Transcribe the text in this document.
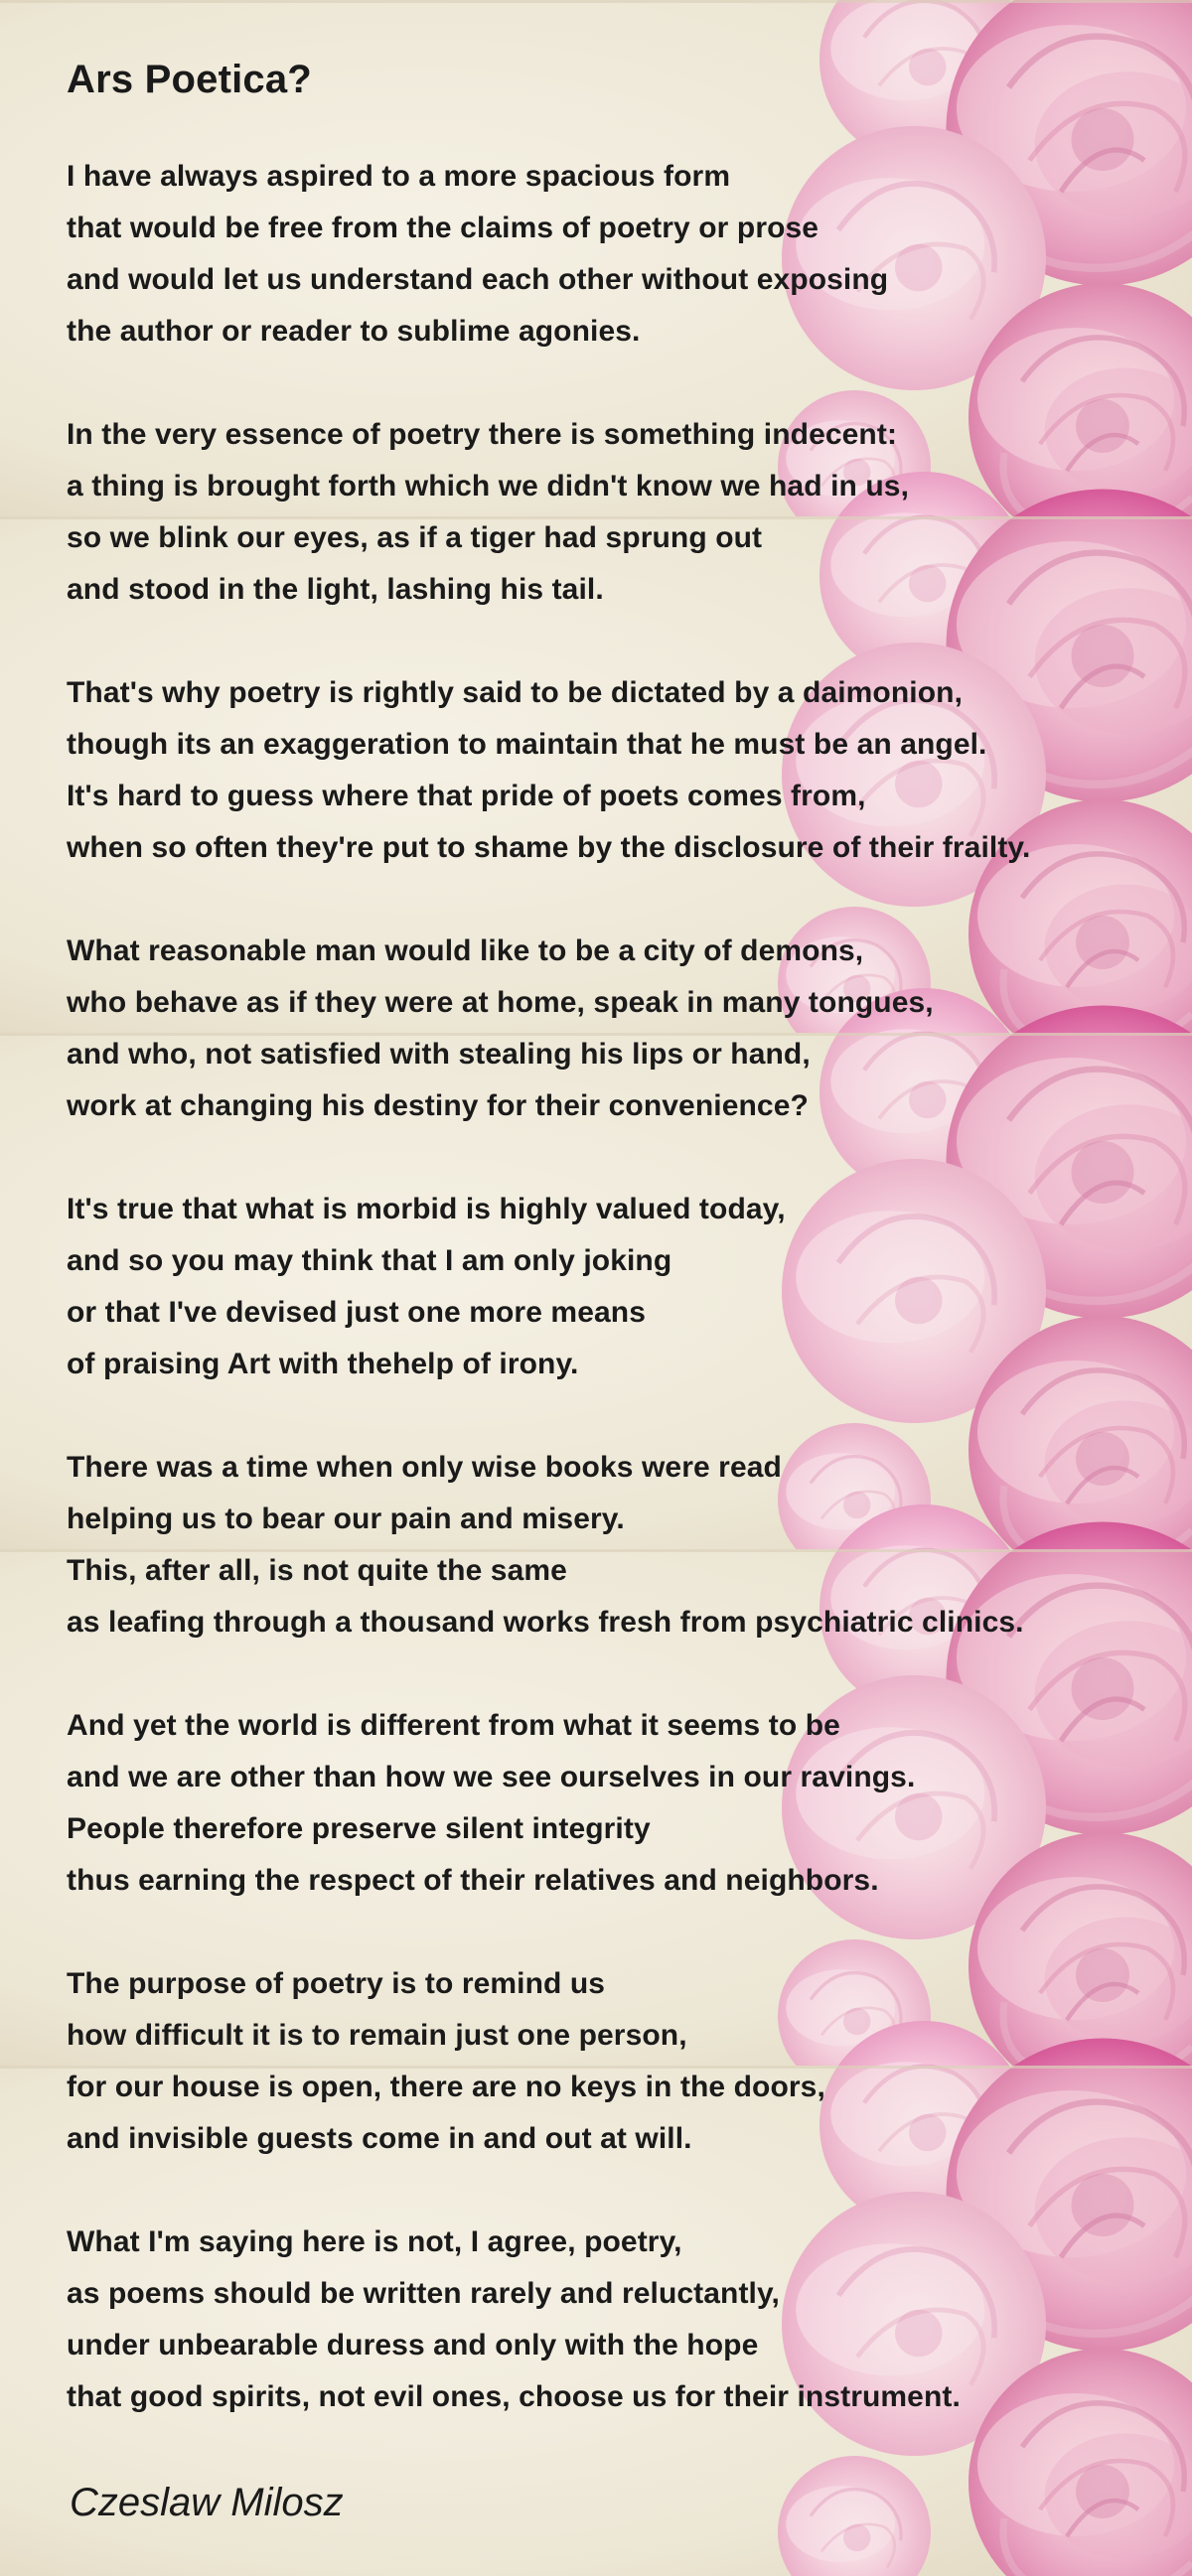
Ars Poetica?
I have always aspired to a more spacious form
that would be free from the claims of poetry or prose
and would let us understand each other without exposing
the author or reader to sublime agonies.
In the very essence of poetry there is something indecent:
a thing is brought forth which we didn't know we had in us,
so we blink our eyes, as if a tiger had sprung out
and stood in the light, lashing his tail.
That's why poetry is rightly said to be dictated by a daimonion,
though its an exaggeration to maintain that he must be an angel.
It's hard to guess where that pride of poets comes from,
when so often they're put to shame by the disclosure of their frailty.
What reasonable man would like to be a city of demons,
who behave as if they were at home, speak in many tongues,
and who, not satisfied with stealing his lips or hand,
work at changing his destiny for their convenience?
It's true that what is morbid is highly valued today,
and so you may think that I am only joking
or that I've devised just one more means
of praising Art with thehelp of irony.
There was a time when only wise books were read
helping us to bear our pain and misery.
This, after all, is not quite the same
as leafing through a thousand works fresh from psychiatric clinics.
And yet the world is different from what it seems to be
and we are other than how we see ourselves in our ravings.
People therefore preserve silent integrity
thus earning the respect of their relatives and neighbors.
The purpose of poetry is to remind us
how difficult it is to remain just one person,
for our house is open, there are no keys in the doors,
and invisible guests come in and out at will.
What I'm saying here is not, I agree, poetry,
as poems should be written rarely and reluctantly,
under unbearable duress and only with the hope
that good spirits, not evil ones, choose us for their instrument.

Czeslaw Milosz
